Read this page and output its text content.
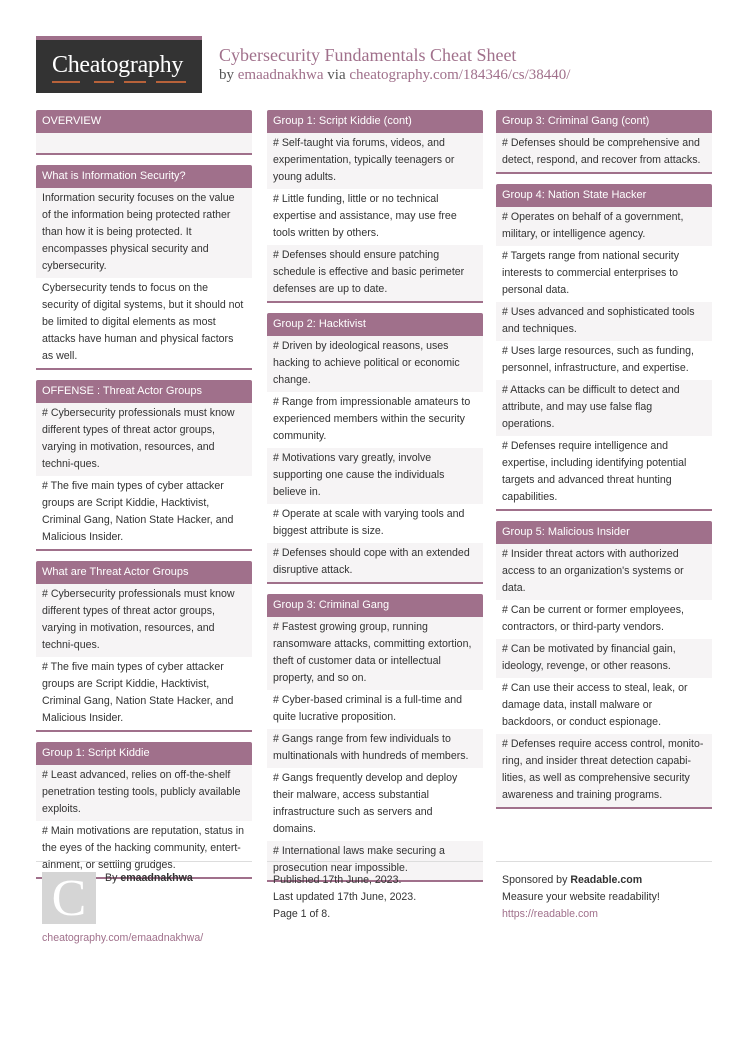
Cheatography Cybersecurity Fundamentals Cheat Sheet
by emaadnakhwa via cheatography.com/184346/cs/38440/
OVERVIEW
What is Information Security?
Information security focuses on the value of the information being protected rather than how it is being protected. It encompasses physical security and cybersecurity.
Cybersecurity tends to focus on the security of digital systems, but it should not be limited to digital elements as most attacks have human and physical factors as well.
OFFENSE : Threat Actor Groups
# Cybersecurity professionals must know different types of threat actor groups, varying in motivation, resources, and techni-ques.
# The five main types of cyber attacker groups are Script Kiddie, Hacktivist, Criminal Gang, Nation State Hacker, and Malicious Insider.
What are Threat Actor Groups
# Cybersecurity professionals must know different types of threat actor groups, varying in motivation, resources, and techni-ques.
# The five main types of cyber attacker groups are Script Kiddie, Hacktivist, Criminal Gang, Nation State Hacker, and Malicious Insider.
Group 1: Script Kiddie
# Least advanced, relies on off-the-shelf penetration testing tools, publicly available exploits.
# Main motivations are reputation, status in the eyes of the hacking community, entert-ainment, or settling grudges.
Group 1: Script Kiddie (cont)
# Self-taught via forums, videos, and experimentation, typically teenagers or young adults.
# Little funding, little or no technical expertise and assistance, may use free tools written by others.
# Defenses should ensure patching schedule is effective and basic perimeter defenses are up to date.
Group 2: Hacktivist
# Driven by ideological reasons, uses hacking to achieve political or economic change.
# Range from impressionable amateurs to experienced members within the security community.
# Motivations vary greatly, involve supporting one cause the individuals believe in.
# Operate at scale with varying tools and biggest attribute is size.
# Defenses should cope with an extended disruptive attack.
Group 3: Criminal Gang
# Fastest growing group, running ransomware attacks, committing extortion, theft of customer data or intellectual property, and so on.
# Cyber-based criminal is a full-time and quite lucrative proposition.
# Gangs range from few individuals to multinationals with hundreds of members.
# Gangs frequently develop and deploy their malware, access substantial infrastructure such as servers and domains.
# International laws make securing a prosecution near impossible.
Group 3: Criminal Gang (cont)
# Defenses should be comprehensive and detect, respond, and recover from attacks.
Group 4: Nation State Hacker
# Operates on behalf of a government, military, or intelligence agency.
# Targets range from national security interests to commercial enterprises to personal data.
# Uses advanced and sophisticated tools and techniques.
# Uses large resources, such as funding, personnel, infrastructure, and expertise.
# Attacks can be difficult to detect and attribute, and may use false flag operations.
# Defenses require intelligence and expertise, including identifying potential targets and advanced threat hunting capabilities.
Group 5: Malicious Insider
# Insider threat actors with authorized access to an organization's systems or data.
# Can be current or former employees, contractors, or third-party vendors.
# Can be motivated by financial gain, ideology, revenge, or other reasons.
# Can use their access to steal, leak, or damage data, install malware or backdoors, or conduct espionage.
# Defenses require access control, monito-ring, and insider threat detection capabi-lities, as well as comprehensive security awareness and training programs.
C	By emaadnakhwa
cheatography.com/emaadnakhwa/
Published 17th June, 2023.
Last updated 17th June, 2023.
Page 1 of 8.
Sponsored by Readable.com
Measure your website readability!
https://readable.com
